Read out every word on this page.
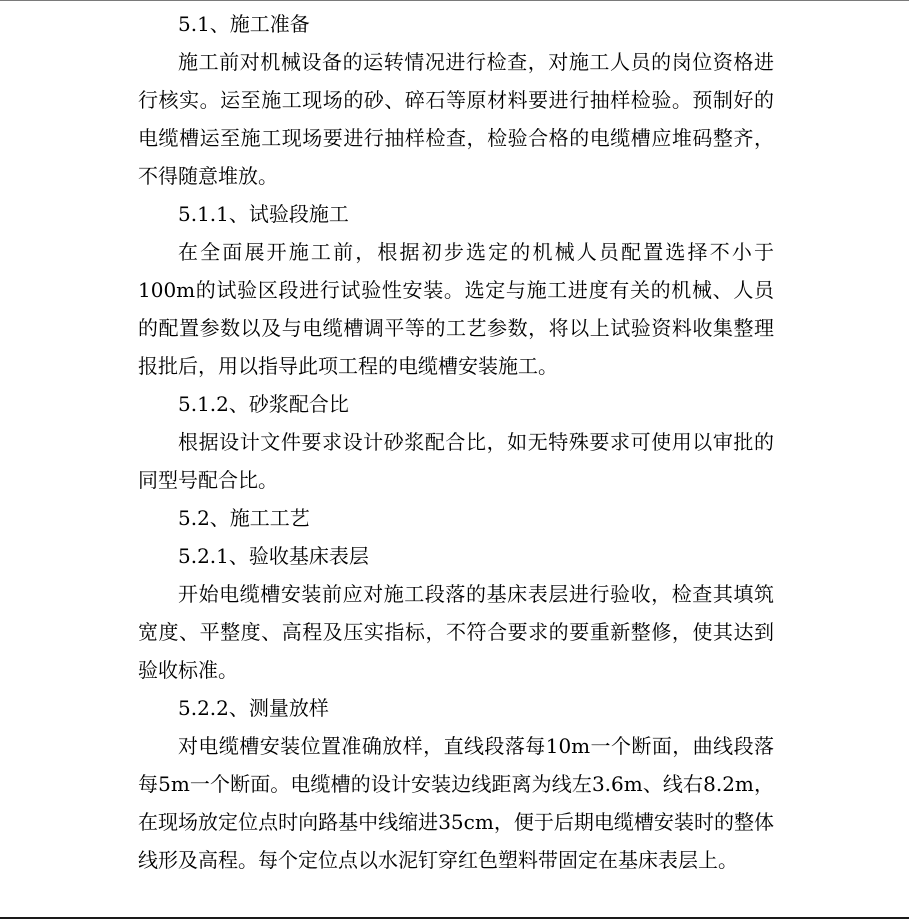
5.1、施工准备

施工前对机械设备的运转情况进行检查，对施工人员的岗位资格进行核实。运至施工现场的砂、碎石等原材料要进行抽样检验。预制好的电缆槽运至施工现场要进行抽样检查，检验合格的电缆槽应堆码整齐，不得随意堆放。

5.1.1、试验段施工

在全面展开施工前，根据初步选定的机械人员配置选择不小于100m的试验区段进行试验性安装。选定与施工进度有关的机械、人员的配置参数以及与电缆槽调平等的工艺参数，将以上试验资料收集整理报批后，用以指导此项工程的电缆槽安装施工。

5.1.2、砂浆配合比

根据设计文件要求设计砂浆配合比，如无特殊要求可使用以审批的同型号配合比。

5.2、施工工艺

5.2.1、验收基床表层

开始电缆槽安装前应对施工段落的基床表层进行验收，检查其填筑宽度、平整度、高程及压实指标，不符合要求的要重新整修，使其达到验收标准。

5.2.2、测量放样

对电缆槽安装位置准确放样，直线段落每10m一个断面，曲线段落每5m一个断面。电缆槽的设计安装边线距离为线左3.6m、线右8.2m，在现场放定位点时向路基中线缩进35cm，便于后期电缆槽安装时的整体线形及高程。每个定位点以水泥钉穿红色塑料带固定在基床表层上。
